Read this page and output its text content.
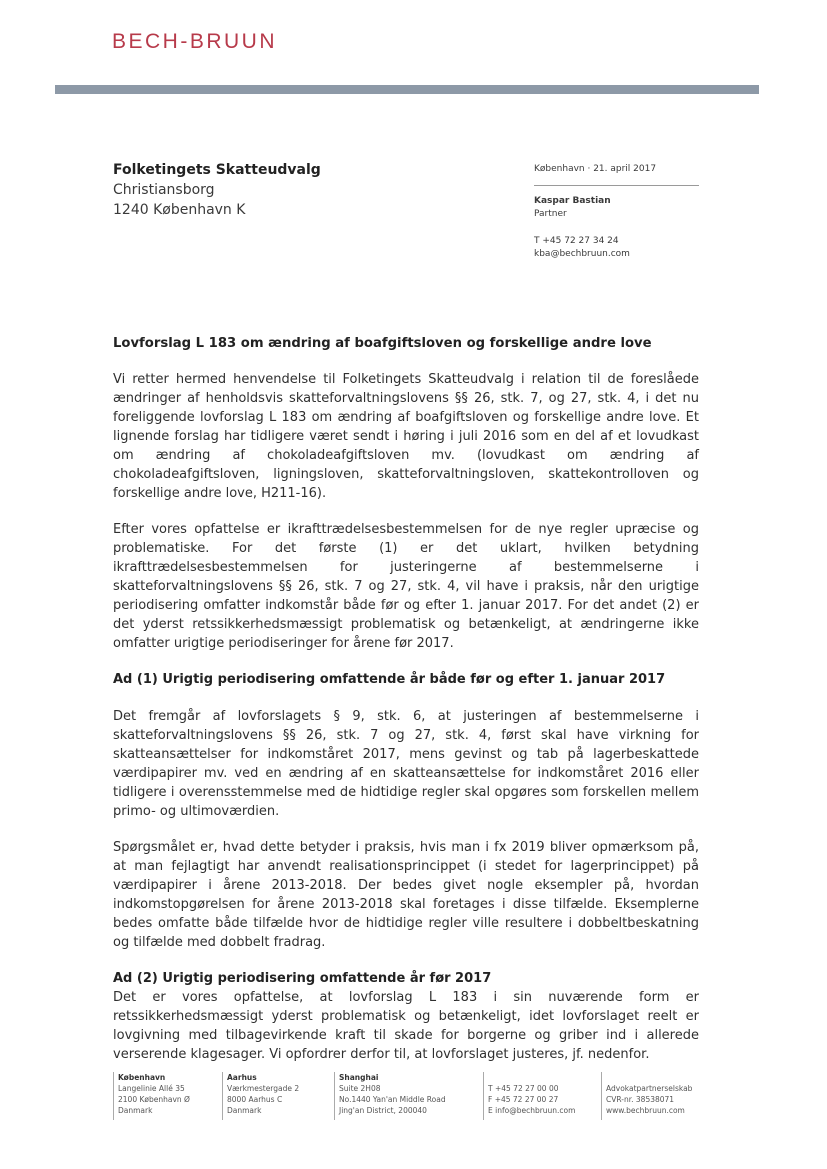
BECH-BRUUN
Folketingets Skatteudvalg
Christiansborg
1240 København K
København · 21. april 2017
Kaspar Bastian
Partner
T +45 72 27 34 24
kba@bechbruun.com
Lovforslag L 183 om ændring af boafgiftsloven og forskellige andre love

Vi retter hermed henvendelse til Folketingets Skatteudvalg i relation til de foreslåede ændringer af henholdsvis skatteforvaltningslovens §§ 26, stk. 7, og 27, stk. 4, i det nu foreliggende lovforslag L 183 om ændring af boafgiftsloven og forskellige andre love. Et lignende forslag har tidligere været sendt i høring i juli 2016 som en del af et lovudkast om ændring af chokoladeafgiftsloven mv. (lovudkast om ændring af chokoladeafgiftsloven, ligningsloven, skatteforvaltningsloven, skattekontrolloven og forskellige andre love, H211-16).

Efter vores opfattelse er ikrafttrædelsesbestemmelsen for de nye regler upræcise og problematiske. For det første (1) er det uklart, hvilken betydning ikrafttrædelsesbestemmelsen for justeringerne af bestemmelserne i skatteforvaltningslovens §§ 26, stk. 7 og 27, stk. 4, vil have i praksis, når den urigtige periodisering omfatter indkomstår både før og efter 1. januar 2017. For det andet (2) er det yderst retssikkerhedsmæssigt problematisk og betænkeligt, at ændringerne ikke omfatter urigtige periodiseringer for årene før 2017.

Ad (1) Urigtig periodisering omfattende år både før og efter 1. januar 2017

Det fremgår af lovforslagets § 9, stk. 6, at justeringen af bestemmelserne i skatteforvaltningslovens §§ 26, stk. 7 og 27, stk. 4, først skal have virkning for skatteansættelser for indkomståret 2017, mens gevinst og tab på lagerbeskattede værdipapirer mv. ved en ændring af en skatteansættelse for indkomståret 2016 eller tidligere i overensstemmelse med de hidtidige regler skal opgøres som forskellen mellem primo- og ultimoværdien.

Spørgsmålet er, hvad dette betyder i praksis, hvis man i fx 2019 bliver opmærksom på, at man fejlagtigt har anvendt realisationsprincippet (i stedet for lagerprincippet) på værdipapirer i årene 2013-2018. Der bedes givet nogle eksempler på, hvordan indkomstopgørelsen for årene 2013-2018 skal foretages i disse tilfælde. Eksemplerne bedes omfatte både tilfælde hvor de hidtidige regler ville resultere i dobbeltbeskatning og tilfælde med dobbelt fradrag.

Ad (2) Urigtig periodisering omfattende år før 2017

Det er vores opfattelse, at lovforslag L 183 i sin nuværende form er retssikkerhedsmæssigt yderst problematisk og betænkeligt, idet lovforslaget reelt er lovgivning med tilbagevirkende kraft til skade for borgerne og griber ind i allerede verserende klagesager. Vi opfordrer derfor til, at lovforslaget justeres, jf. nedenfor.

København
Langelinie Allé 35
2100 København Ø
Danmark
Aarhus
Værkmestergade 2
8000 Aarhus C
Danmark
Shanghai
Suite 2H08
No.1440 Yan'an Middle Road
Jing'an District, 200040
T +45 72 27 00 00
F +45 72 27 00 27
E info@bechbruun.com
Advokatpartnerselskab
CVR-nr. 38538071
www.bechbruun.com
